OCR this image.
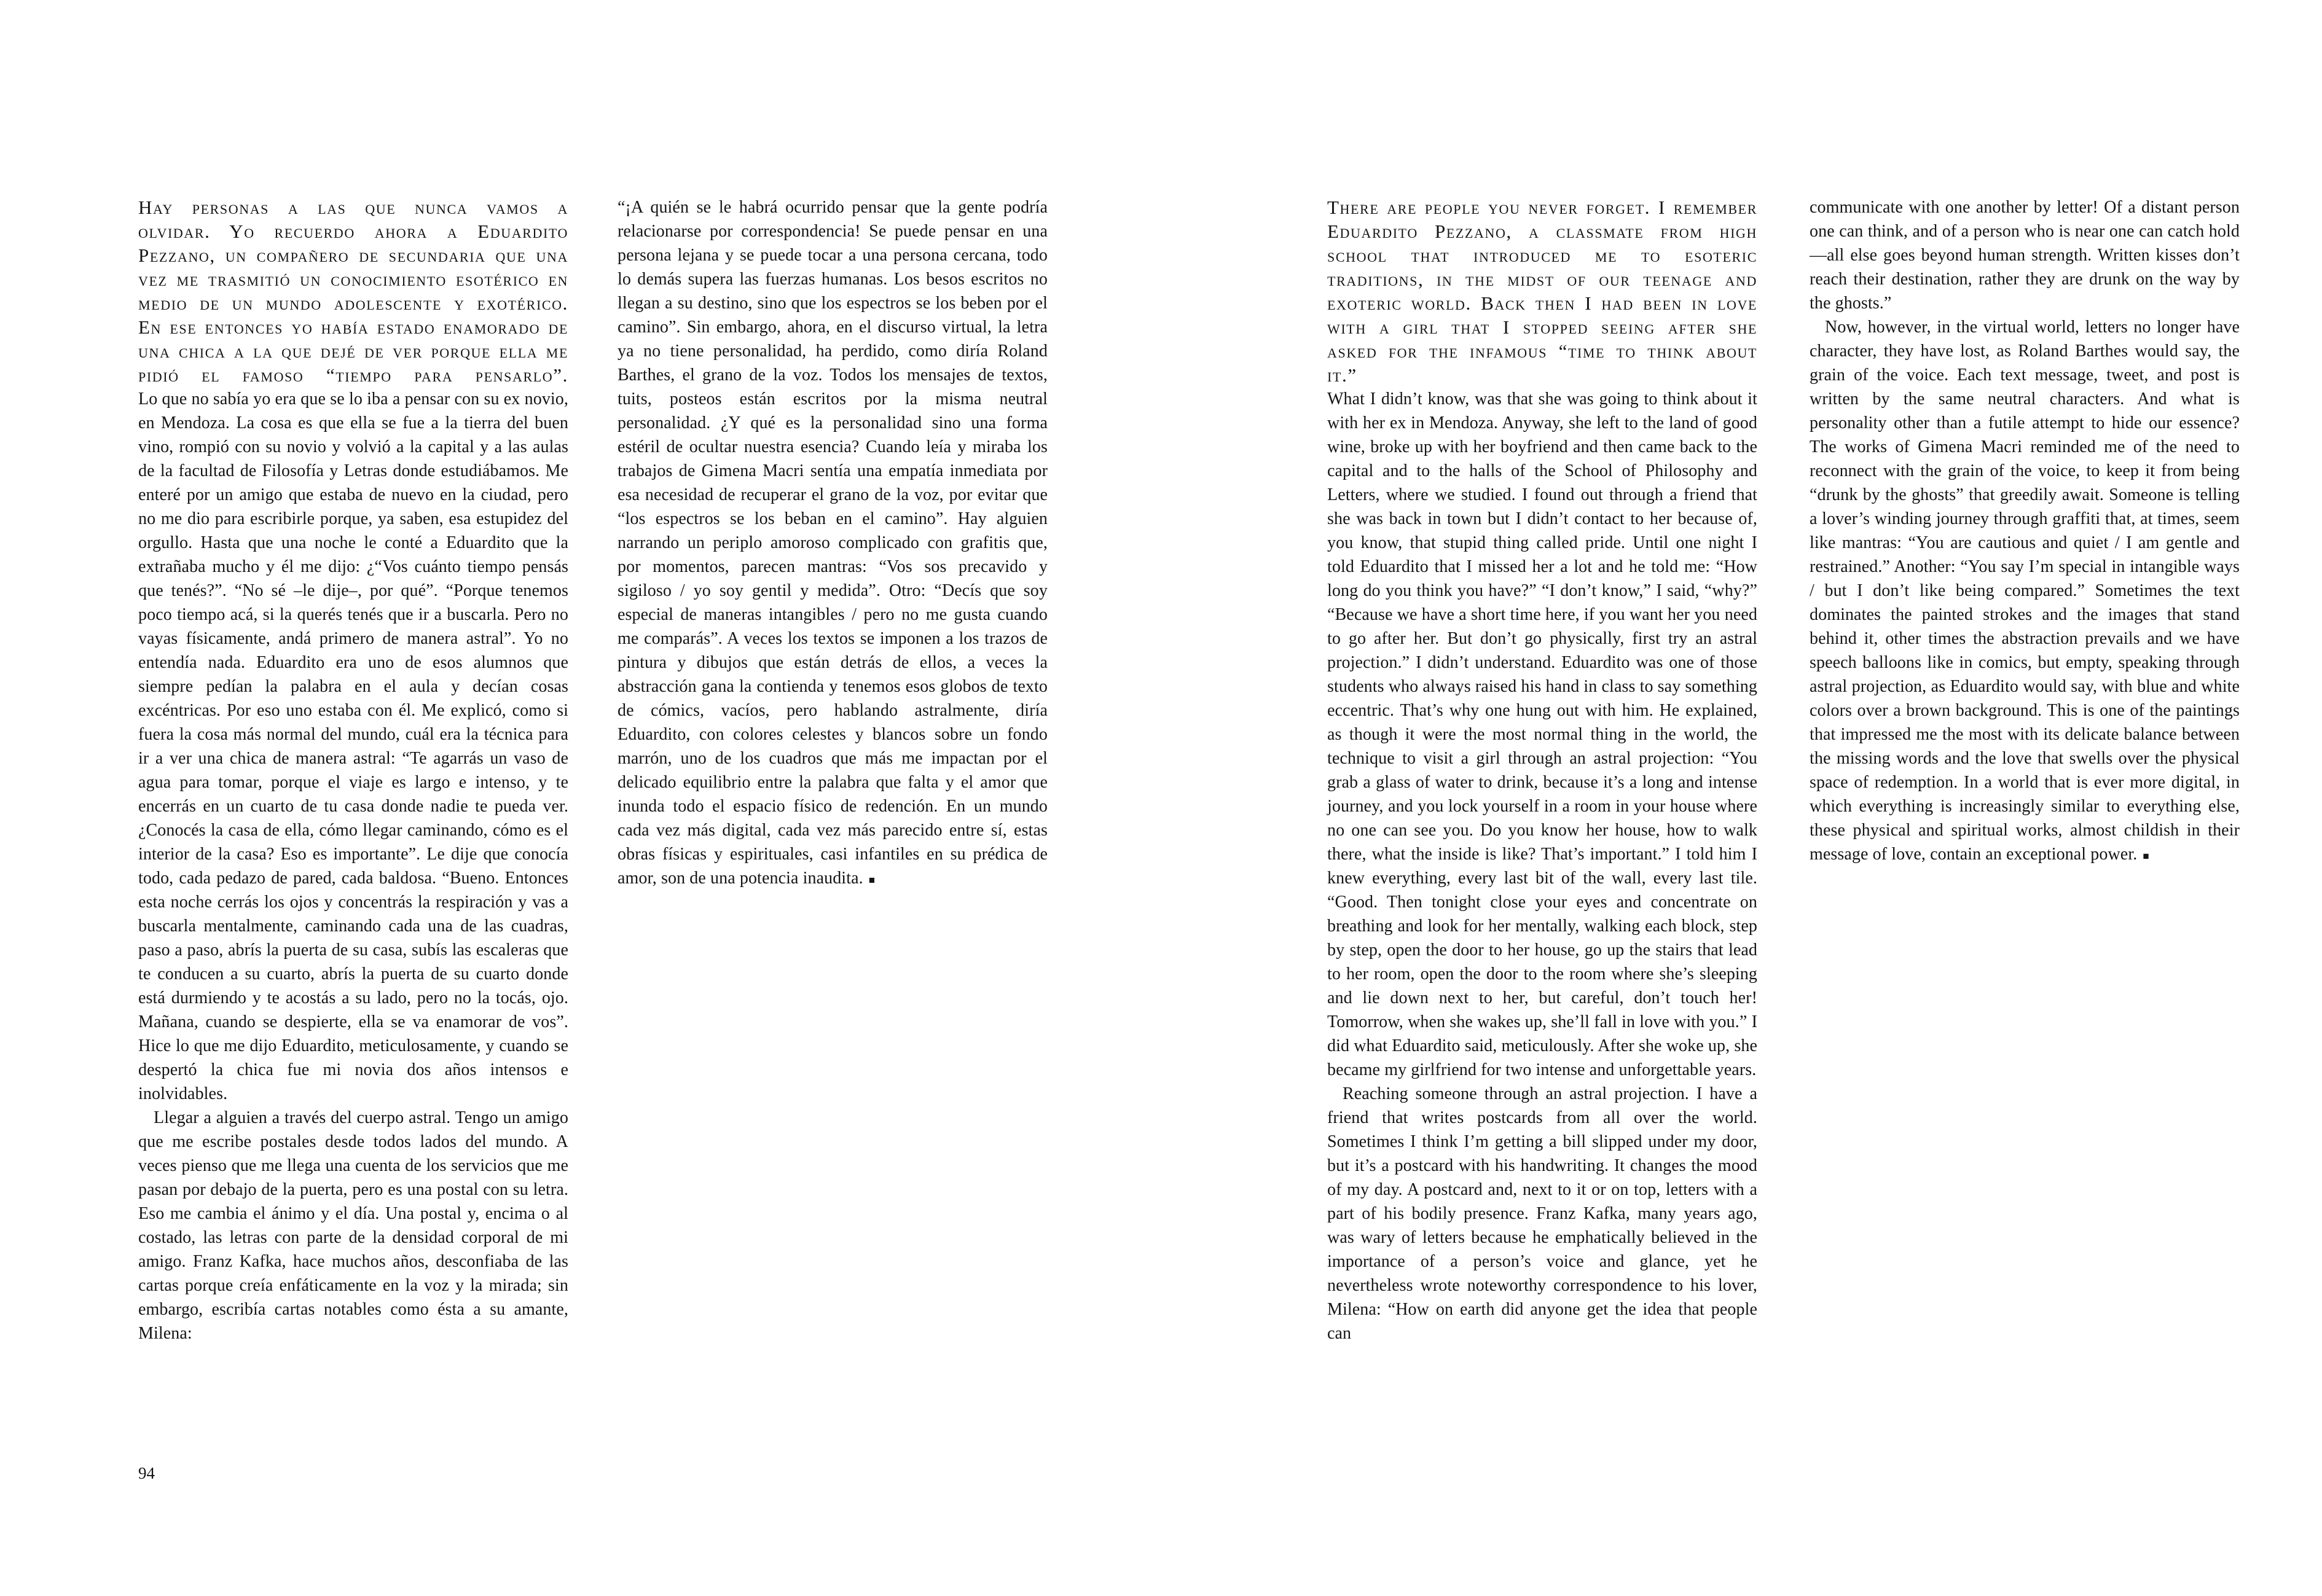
Hay personas a las que nunca vamos a olvidar. Yo recuerdo ahora a Eduardito Pezzano, un compañero de secundaria que una vez me trasmitió un conocimiento esotérico en medio de un mundo adolescente y exotérico. En ese entonces yo había estado enamorado de una chica a la que dejé de ver porque ella me pidió el famoso “tiempo para pensarlo”.
Lo que no sabía yo era que se lo iba a pensar con su ex novio, en Mendoza. La cosa es que ella se fue a la tierra del buen vino, rompió con su novio y volvió a la capital y a las aulas de la facultad de Filosofía y Letras donde estudiábamos. Me enteré por un amigo que estaba de nuevo en la ciudad, pero no me dio para escribirle porque, ya saben, esa estupidez del orgullo. Hasta que una noche le conté a Eduardito que la extrañaba mucho y él me dijo: ¿“Vos cuánto tiempo pensás que tenés?”. “No sé –le dije–, por qué”. “Porque tenemos poco tiempo acá, si la querés tenés que ir a buscarla. Pero no vayas físicamente, andá primero de manera astral”. Yo no entendía nada. Eduardito era uno de esos alumnos que siempre pedían la palabra en el aula y decían cosas excéntricas. Por eso uno estaba con él. Me explicó, como si fuera la cosa más normal del mundo, cuál era la técnica para ir a ver una chica de manera astral: “Te agarrás un vaso de agua para tomar, porque el viaje es largo e intenso, y te encerrás en un cuarto de tu casa donde nadie te pueda ver. ¿Conocés la casa de ella, cómo llegar caminando, cómo es el interior de la casa? Eso es importante”. Le dije que conocía todo, cada pedazo de pared, cada baldosa. “Bueno. Entonces esta noche cerrás los ojos y concentrás la respiración y vas a buscarla mentalmente, caminando cada una de las cuadras, paso a paso, abrís la puerta de su casa, subís las escaleras que te conducen a su cuarto, abrís la puerta de su cuarto donde está durmiendo y te acostás a su lado, pero no la tocás, ojo. Mañana, cuando se despierte, ella se va enamorar de vos”. Hice lo que me dijo Eduardito, meticulosamente, y cuando se despertó la chica fue mi novia dos años intensos e inolvidables.

Llegar a alguien a través del cuerpo astral. Tengo un amigo que me escribe postales desde todos lados del mundo. A veces pienso que me llega una cuenta de los servicios que me pasan por debajo de la puerta, pero es una postal con su letra. Eso me cambia el ánimo y el día. Una postal y, encima o al costado, las letras con parte de la densidad corporal de mi amigo. Franz Kafka, hace muchos años, desconfiaba de las cartas porque creía enfáticamente en la voz y la mirada; sin embargo, escribía cartas notables como ésta a su amante, Milena:

“¡A quién se le habrá ocurrido pensar que la gente podría relacionarse por correspondencia! Se puede pensar en una persona lejana y se puede tocar a una persona cercana, todo lo demás supera las fuerzas humanas. Los besos escritos no llegan a su destino, sino que los espectros se los beben por el camino”. Sin embargo, ahora, en el discurso virtual, la letra ya no tiene personalidad, ha perdido, como diría Roland Barthes, el grano de la voz. Todos los mensajes de textos, tuits, posteos están escritos por la misma neutral personalidad. ¿Y qué es la personalidad sino una forma estéril de ocultar nuestra esencia? Cuando leía y miraba los trabajos de Gimena Macri sentía una empatía inmediata por esa necesidad de recuperar el grano de la voz, por evitar que “los espectros se los beban en el camino”. Hay alguien narrando un periplo amoroso complicado con grafitis que, por momentos, parecen mantras: “Vos sos precavido y sigiloso / yo soy gentil y medida”. Otro: “Decís que soy especial de maneras intangibles / pero no me gusta cuando me comparás”. A veces los textos se imponen a los trazos de pintura y dibujos que están detrás de ellos, a veces la abstracción gana la contienda y tenemos esos globos de texto de cómics, vacíos, pero hablando astralmente, diría Eduardito, con colores celestes y blancos sobre un fondo marrón, uno de los cuadros que más me impactan por el delicado equilibrio entre la palabra que falta y el amor que inunda todo el espacio físico de redención. En un mundo cada vez más digital, cada vez más parecido entre sí, estas obras físicas y espirituales, casi infantiles en su prédica de amor, son de una potencia inaudita. ■

94

There are people you never forget. I remember Eduardito Pezzano, a classmate from high school that introduced me to esoteric traditions, in the midst of our teenage and exoteric world. Back then I had been in love with a girl that I stopped seeing after she asked for the infamous “time to think about it.”
What I didn’t know, was that she was going to think about it with her ex in Mendoza. Anyway, she left to the land of good wine, broke up with her boyfriend and then came back to the capital and to the halls of the School of Philosophy and Letters, where we studied. I found out through a friend that she was back in town but I didn’t contact to her because of, you know, that stupid thing called pride. Until one night I told Eduardito that I missed her a lot and he told me: “How long do you think you have?” “I don’t know,” I said, “why?” “Because we have a short time here, if you want her you need to go after her. But don’t go physically, first try an astral projection.” I didn’t understand. Eduardito was one of those students who always raised his hand in class to say something eccentric. That’s why one hung out with him. He explained, as though it were the most normal thing in the world, the technique to visit a girl through an astral projection: “You grab a glass of water to drink, because it’s a long and intense journey, and you lock yourself in a room in your house where no one can see you. Do you know her house, how to walk there, what the inside is like? That’s important.” I told him I knew everything, every last bit of the wall, every last tile. “Good. Then tonight close your eyes and concentrate on breathing and look for her mentally, walking each block, step by step, open the door to her house, go up the stairs that lead to her room, open the door to the room where she’s sleeping and lie down next to her, but careful, don’t touch her! Tomorrow, when she wakes up, she’ll fall in love with you.” I did what Eduardito said, meticulously. After she woke up, she became my girlfriend for two intense and unforgettable years.

Reaching someone through an astral projection. I have a friend that writes postcards from all over the world. Sometimes I think I’m getting a bill slipped under my door, but it’s a postcard with his handwriting. It changes the mood of my day. A postcard and, next to it or on top, letters with a part of his bodily presence. Franz Kafka, many years ago, was wary of letters because he emphatically believed in the importance of a person’s voice and glance, yet he nevertheless wrote noteworthy correspondence to his lover, Milena: “How on earth did anyone get the idea that people can

communicate with one another by letter! Of a distant person one can think, and of a person who is near one can catch hold—all else goes beyond human strength. Written kisses don’t reach their destination, rather they are drunk on the way by the ghosts.”

Now, however, in the virtual world, letters no longer have character, they have lost, as Roland Barthes would say, the grain of the voice. Each text message, tweet, and post is written by the same neutral characters. And what is personality other than a futile attempt to hide our essence? The works of Gimena Macri reminded me of the need to reconnect with the grain of the voice, to keep it from being “drunk by the ghosts” that greedily await. Someone is telling a lover’s winding journey through graffiti that, at times, seem like mantras: “You are cautious and quiet / I am gentle and restrained.” Another: “You say I’m special in intangible ways / but I don’t like being compared.” Sometimes the text dominates the painted strokes and the images that stand behind it, other times the abstraction prevails and we have speech balloons like in comics, but empty, speaking through astral projection, as Eduardito would say, with blue and white colors over a brown background. This is one of the paintings that impressed me the most with its delicate balance between the missing words and the love that swells over the physical space of redemption. In a world that is ever more digital, in which everything is increasingly similar to everything else, these physical and spiritual works, almost childish in their message of love, contain an exceptional power. ■
